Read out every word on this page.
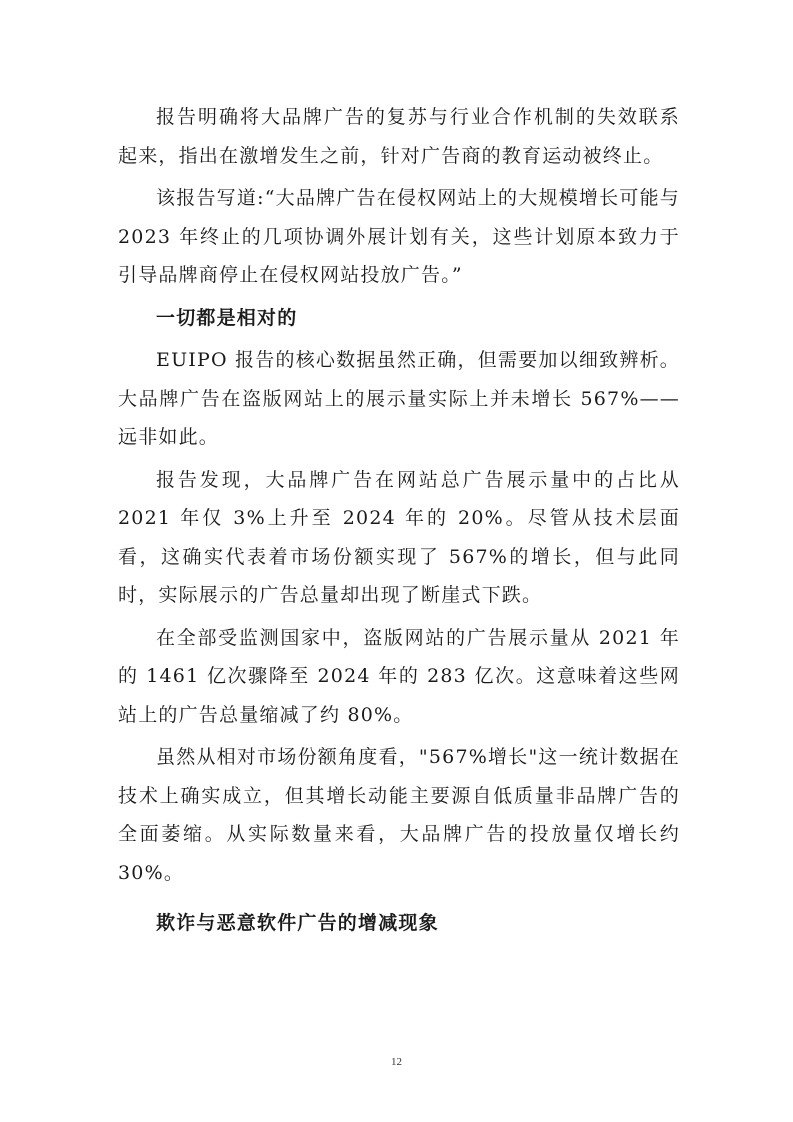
报告明确将大品牌广告的复苏与行业合作机制的失效联系起来，指出在激增发生之前，针对广告商的教育运动被终止。

该报告写道:“大品牌广告在侵权网站上的大规模增长可能与 2023 年终止的几项协调外展计划有关，这些计划原本致力于引导品牌商停止在侵权网站投放广告。”

一切都是相对的

EUIPO 报告的核心数据虽然正确，但需要加以细致辨析。大品牌广告在盗版网站上的展示量实际上并未增长 567%——远非如此。

报告发现，大品牌广告在网站总广告展示量中的占比从 2021 年仅 3%上升至 2024 年的 20%。尽管从技术层面看，这确实代表着市场份额实现了 567%的增长，但与此同时，实际展示的广告总量却出现了断崖式下跌。

在全部受监测国家中，盗版网站的广告展示量从 2021 年的 1461 亿次骤降至 2024 年的 283 亿次。这意味着这些网站上的广告总量缩减了约 80%。

虽然从相对市场份额角度看，"567%增长"这一统计数据在技术上确实成立，但其增长动能主要源自低质量非品牌广告的全面萎缩。从实际数量来看，大品牌广告的投放量仅增长约 30%。

欺诈与恶意软件广告的增减现象

12
